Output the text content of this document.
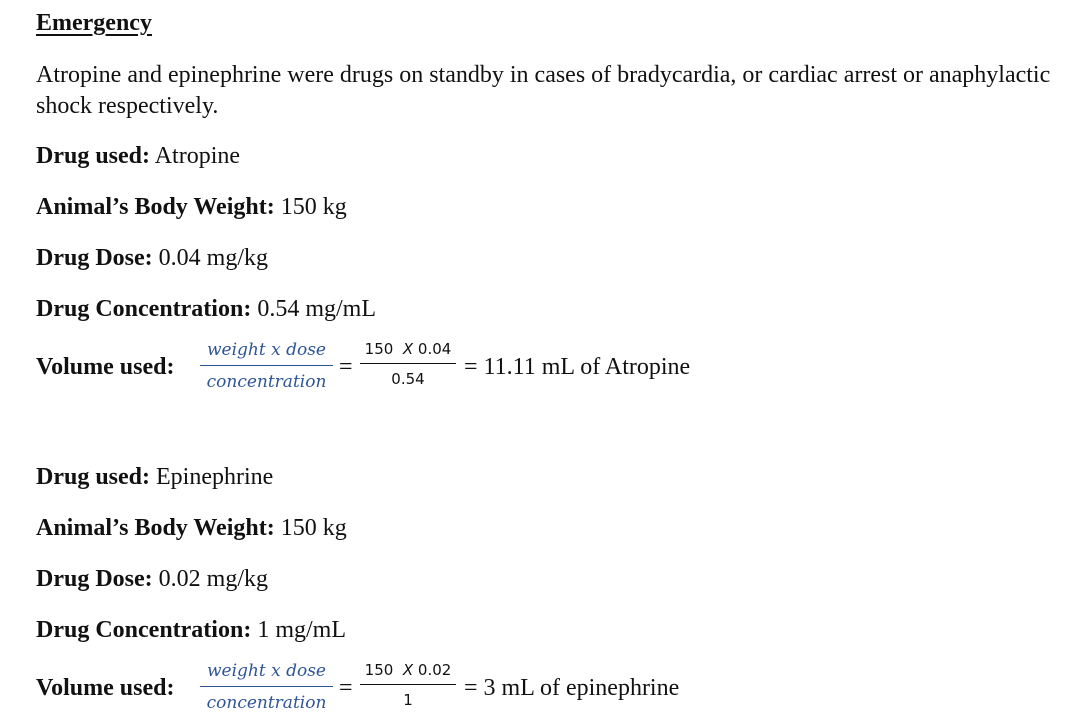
Emergency
Atropine and epinephrine were drugs on standby in cases of bradycardia, or cardiac arrest or anaphylactic shock respectively.
Drug used: Atropine
Animal’s Body Weight: 150 kg
Drug Dose: 0.04 mg/kg
Drug Concentration: 0.54 mg/mL
Volume used:
weight x dose
concentration
=
150 X 0.04
0.54	= 11.11 mL of Atropine
Drug used: Epinephrine
Animal’s Body Weight: 150 kg
Drug Dose: 0.02 mg/kg
Drug Concentration: 1 mg/mL
Volume used:
weight x dose
concentration
=
150 X 0.02
1	= 3 mL of epinephrine
